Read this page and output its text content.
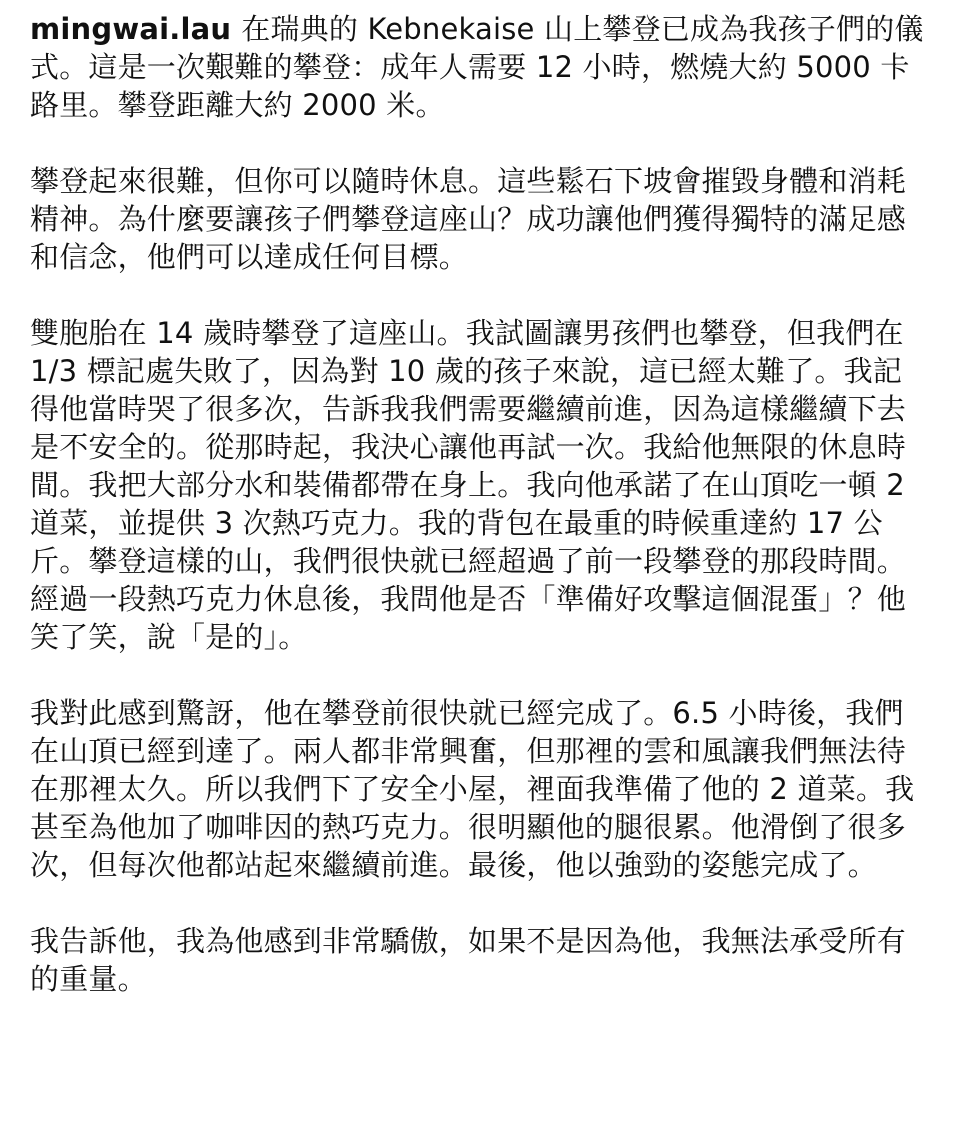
mingwai.lau 在瑞典的 Kebnekaise 山上攀登已成為我孩子們的儀式。這是一次艱難的攀登：成年人需要 12 小時，燃燒大約 5000 卡路里。攀登距離大約 2000 米。

攀登起來很難，但你可以隨時休息。這些鬆石下坡會摧毀身體和消耗精神。為什麼要讓孩子們攀登這座山？成功讓他們獲得獨特的滿足感和信念，他們可以達成任何目標。

雙胞胎在 14 歲時攀登了這座山。我試圖讓男孩們也攀登，但我們在 1/3 標記處失敗了，因為對 10 歲的孩子來說，這已經太難了。我記得他當時哭了很多次，告訴我我們需要繼續前進，因為這樣繼續下去是不安全的。從那時起，我決心讓他再試一次。我給他無限的休息時間。我把大部分水和裝備都帶在身上。我向他承諾了在山頂吃一頓 2 道菜，並提供 3 次熱巧克力。我的背包在最重的時候重達約 17 公斤。攀登這樣的山，我們很快就已經超過了前一段攀登的那段時間。經過一段熱巧克力休息後，我問他是否「準備好攻擊這個混蛋」？他笑了笑，說「是的」。

我對此感到驚訝，他在攀登前很快就已經完成了。6.5 小時後，我們在山頂已經到達了。兩人都非常興奮，但那裡的雲和風讓我們無法待在那裡太久。所以我們下了安全小屋，裡面我準備了他的 2 道菜。我甚至為他加了咖啡因的熱巧克力。很明顯他的腿很累。他滑倒了很多次，但每次他都站起來繼續前進。最後，他以強勁的姿態完成了。

我告訴他，我為他感到非常驕傲，如果不是因為他，我無法承受所有的重量。
